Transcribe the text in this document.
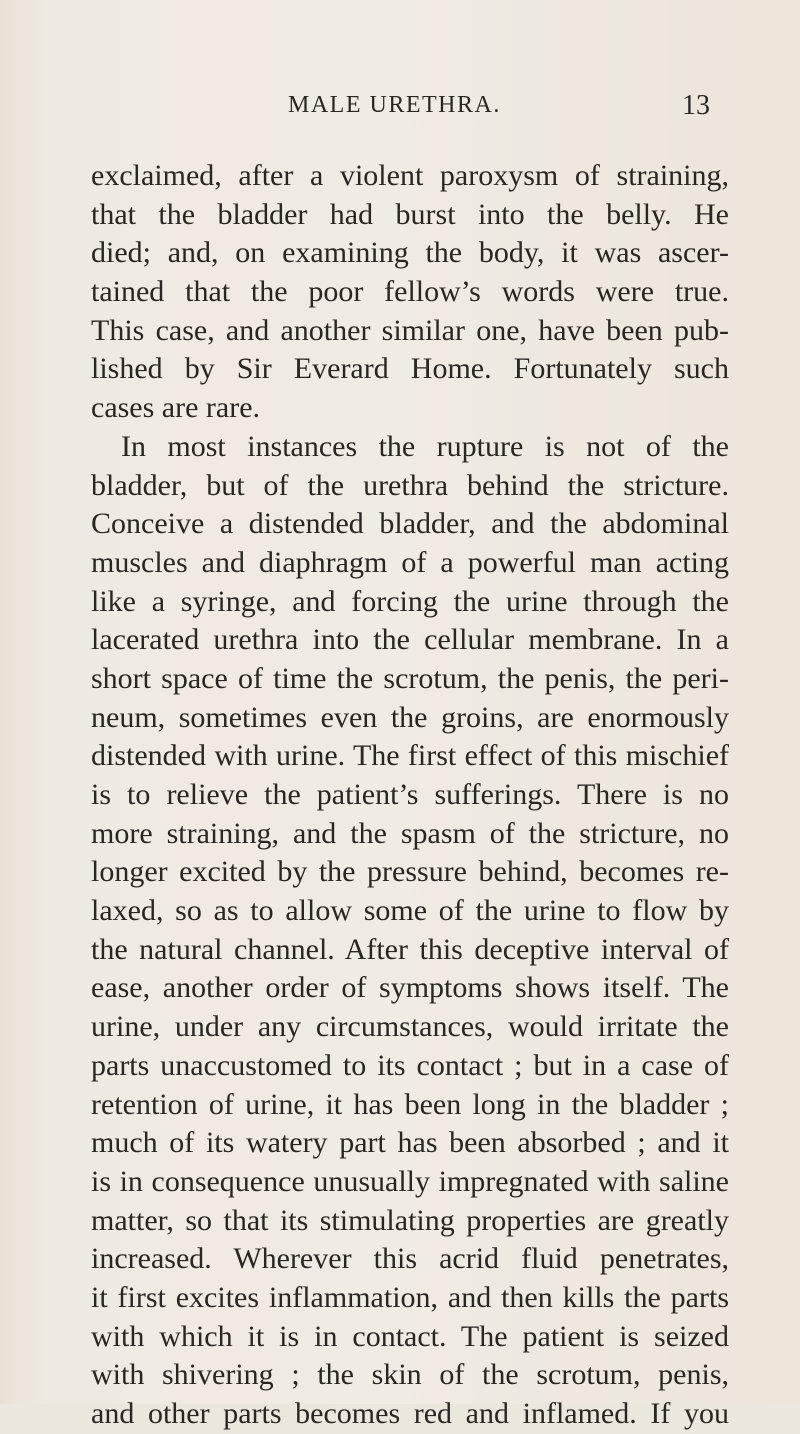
MALE URETHRA.	13
exclaimed, after a violent paroxysm of straining,
that the bladder had burst into the belly. He
died; and, on examining the body, it was ascer-
tained that the poor fellow’s words were true.
This case, and another similar one, have been pub-
lished by Sir Everard Home. Fortunately such
cases are rare.
In most instances the rupture is not of the
bladder, but of the urethra behind the stricture.
Conceive a distended bladder, and the abdominal
muscles and diaphragm of a powerful man acting
like a syringe, and forcing the urine through the
lacerated urethra into the cellular membrane. In a
short space of time the scrotum, the penis, the peri-
neum, sometimes even the groins, are enormously
distended with urine. The first effect of this mischief
is to relieve the patient’s sufferings. There is no
more straining, and the spasm of the stricture, no
longer excited by the pressure behind, becomes re-
laxed, so as to allow some of the urine to flow by
the natural channel. After this deceptive interval of
ease, another order of symptoms shows itself. The
urine, under any circumstances, would irritate the
parts unaccustomed to its contact ; but in a case of
retention of urine, it has been long in the bladder ;
much of its watery part has been absorbed ; and it
is in consequence unusually impregnated with saline
matter, so that its stimulating properties are greatly
increased. Wherever this acrid fluid penetrates,
it first excites inflammation, and then kills the parts
with which it is in contact. The patient is seized
with shivering ; the skin of the scrotum, penis,
and other parts becomes red and inflamed. If you
